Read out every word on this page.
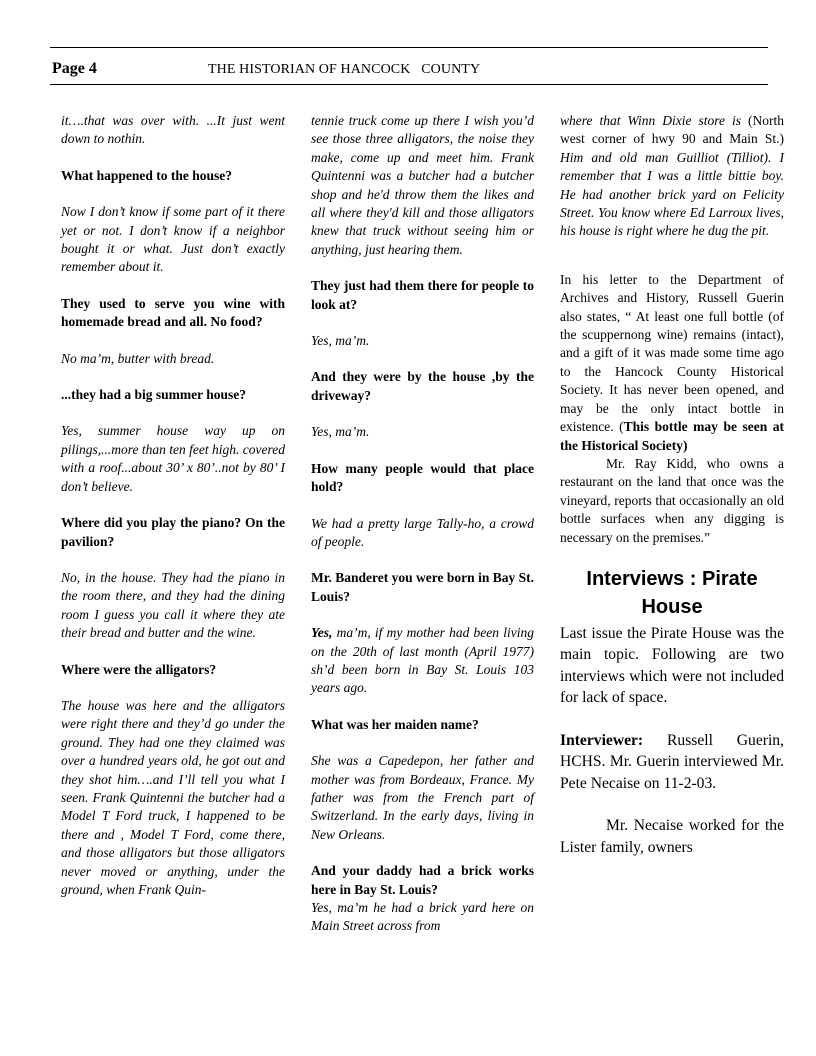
Page 4	THE HISTORIAN OF HANCOCK   COUNTY

it….that was over with. ...It just went down to nothin.

What happened to the house?

Now I don’t know if some part of it there yet or not. I don’t know if a neighbor bought it or what. Just don’t exactly remember about it.

They used to serve you wine with homemade bread and all. No food?

No ma’m, butter with bread.

...they had a big summer house?

Yes, summer house way up on pilings,...more than ten feet high. covered with a roof...about 30’ x 80’..not by 80’ I don’t believe.

Where did you play the piano? On the pavilion?

No, in the house. They had the piano in the room there, and they had the dining room I guess you call it where they ate their bread and butter and the wine.

Where were the alligators?

The house was here and the alligators were right there and they’d go under the ground. They had one they claimed was over a hundred years old, he got out and they shot him….and I’ll tell you what I seen. Frank Quintenni the butcher had a Model T Ford truck, I happened to be there and , Model T Ford, come there, and those alligators but those alligators never moved or anything, under the ground, when Frank Quin-

tennie truck come up there I wish you’d see those three alligators, the noise they make, come up and meet him. Frank Quintenni was a butcher had a butcher shop and he'd throw them the likes and all where they'd kill and those alligators knew that truck without seeing him or anything, just hearing them.

They just had them there for people to look at?

Yes, ma’m.

And they were by the house ,by the driveway?

Yes, ma’m.

How many people would that place hold?

We had a pretty large Tally-ho, a crowd of people.

Mr. Banderet you were born in Bay St. Louis?

Yes, ma’m, if my mother had been living on the 20th of last month (April 1977) sh’d been born in Bay St. Louis 103 years ago.

What was her maiden name?

She was a Capedepon, her father and mother was from Bordeaux, France. My father was from the French part of Switzerland. In the early days, living in New Orleans.

And your daddy had a brick works here in Bay St. Louis?

Yes, ma’m he had a brick yard here on Main Street across from

where that Winn Dixie store is (North west corner of hwy 90 and Main St.) Him and old man Guilliot (Tilliot). I remember that I was a little bittie boy. He had another brick yard on Felicity Street. You know where Ed Larroux lives, his house is right where he dug the pit.

In his letter to the Department of Archives and History, Russell Guerin also states, “ At least one full bottle (of the scuppernong wine) remains (intact), and a gift of it was made some time ago to the Hancock County Historical Society. It has never been opened, and may be the only intact bottle in existence. (This bottle may be seen at the Historical Society)

Mr. Ray Kidd, who owns a restaurant on the land that once was the vineyard, reports that occasionally an old bottle surfaces when any digging is necessary on the premises.”

Interviews : Pirate House

Last issue the Pirate House was the main topic. Following are two interviews which were not included for lack of space.

Interviewer: Russell Guerin, HCHS. Mr. Guerin interviewed Mr. Pete Necaise on 11-2-03.

Mr. Necaise worked for the Lister family, owners
